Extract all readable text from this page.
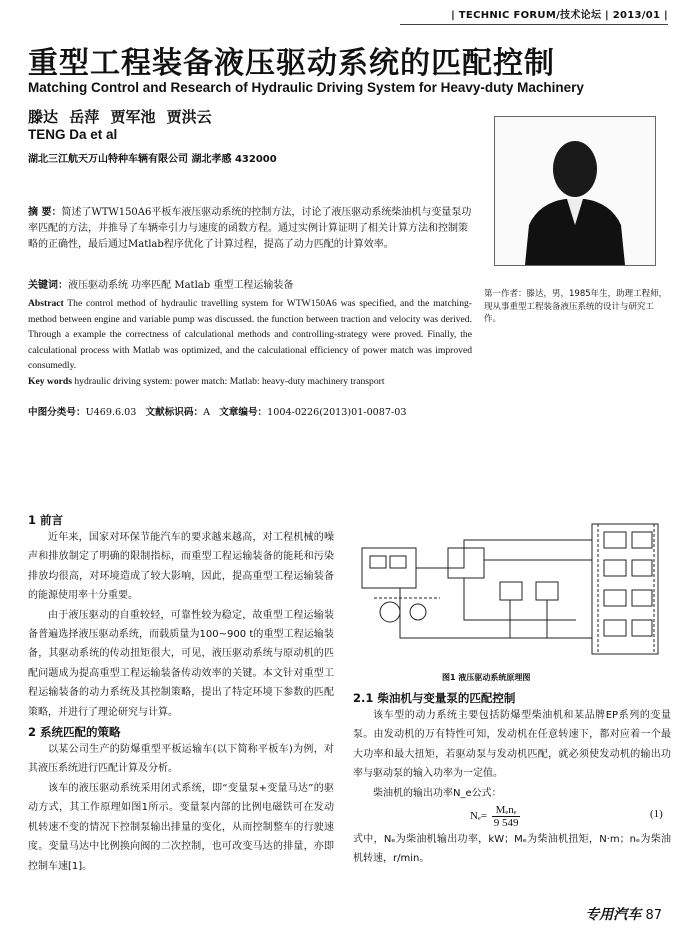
| TECHNIC FORUM/技术论坛 | 2013/01 |
重型工程装备液压驱动系统的匹配控制
Matching Control and Research of Hydraulic Driving System for Heavy-duty Machinery
滕达 岳萍 贾军池 贾洪云
TENG Da et al
湖北三江航天万山特种车辆有限公司 湖北孝感 432000
第一作者：滕达，男，1985年生，助理工程师，现从事重型工程装备液压系统的设计与研究工作。
摘 要：简述了WTW150A6平板车液压驱动系统的控制方法，讨论了液压驱动系统柴油机与变量泵功率匹配的方法，并推导了车辆牵引力与速度的函数方程。通过实例计算证明了相关计算方法和控制策略的正确性，最后通过Matlab程序优化了计算过程，提高了动力匹配的计算效率。
关键词：液压驱动系统 功率匹配 Matlab 重型工程运输装备
Abstract The control method of hydraulic travelling system for WTW150A6 was specified, and the matching-method between engine and variable pump was discussed. the function between traction and velocity was derived. Through a example the correctness of calculational methods and controlling-strategy were proved. Finally, the calculational process with Matlab was optimized, and the calculational efficiency of power match was improved consumedly.
Key words hydraulic driving system: power match: Matlab: heavy-duty machinery transport
中图分类号：U469.6.03 文献标识码：A 文章编号：1004-0226(2013)01-0087-03
1 前言
近年来，国家对环保节能汽车的要求越来越高，对工程机械的噪声和排放制定了明确的限制指标，而重型工程运输装备的能耗和污染排放均很高，对环境造成了较大影响，因此，提高重型工程运输装备的能源使用率十分重要。
由于液压驱动的自重较轻，可靠性较为稳定，故重型工程运输装备普遍选择液压驱动系统，而载质量为100~900 t的重型工程运输装备，其驱动系统的传动扭矩很大，可见，液压驱动系统与原动机的匹配问题成为提高重型工程运输装备传动效率的关键。本文针对重型工程运输装备的动力系统及其控制策略，提出了特定环境下参数的匹配策略，并进行了理论研究与计算。
2 系统匹配的策略
以某公司生产的防爆重型平板运输车(以下简称平板车)为例，对其液压系统进行匹配计算及分析。
该车的液压驱动系统采用闭式系统，即“变量泵+变量马达”的驱动方式，其工作原理如图1所示。变量泵内部的比例电磁铁可在发动机转速不变的情况下控制泵输出排量的变化，从而控制整车的行驶速度。变量马达中比例换向阀的二次控制，也可改变马达的排量，亦即控制车速[1]。
图1 液压驱动系统原理图
2.1 柴油机与变量泵的匹配控制
该车型的动力系统主要包括防爆型柴油机和某品牌EP系列的变量泵。由发动机的万有特性可知，发动机在任意转速下，都对应着一个最大功率和最大扭矩，若驱动泵与发动机匹配，就必须使发动机的输出功率与驱动泵的输入功率为一定值。
柴油机的输出功率N_e公式：
Nₑ=
Mₑnₑ
9 549
(1)
式中，Nₑ为柴油机输出功率，kW；Mₑ为柴油机扭矩，N·m；nₑ为柴油机转速，r/min。
专用汽车 87
